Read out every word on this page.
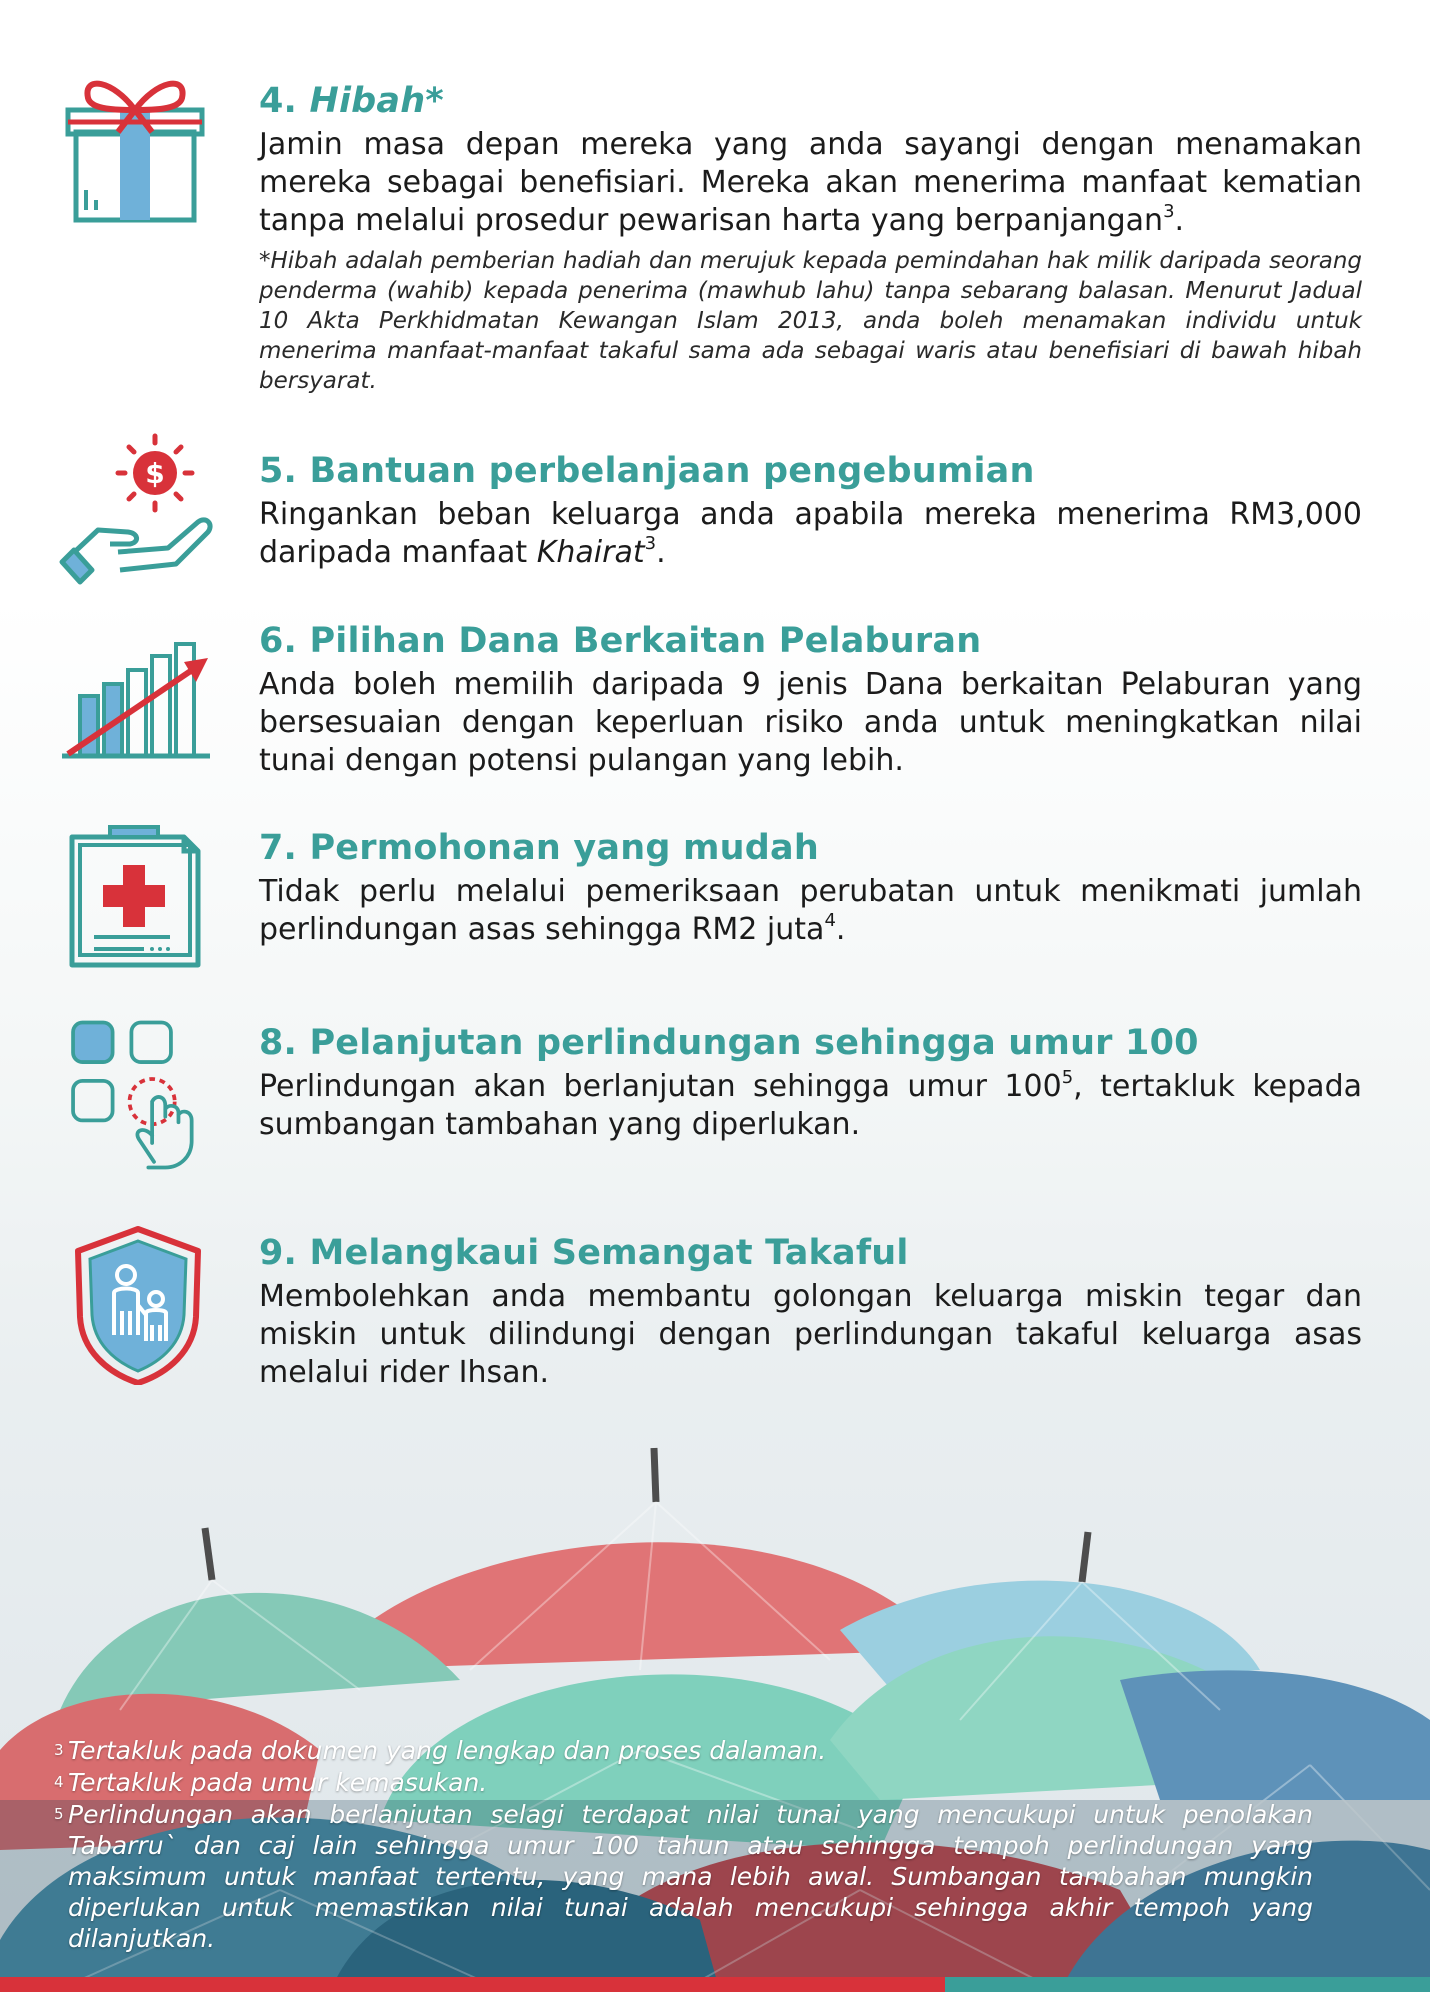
4. Hibah*

Jamin masa depan mereka yang anda sayangi dengan menamakan mereka sebagai benefisiari. Mereka akan menerima manfaat kematian tanpa melalui prosedur pewarisan harta yang berpanjangan$^3$.

*Hibah adalah pemberian hadiah dan merujuk kepada pemindahan hak milik daripada seorang penderma (wahib) kepada penerima (mawhub lahu) tanpa sebarang balasan. Menurut Jadual 10 Akta Perkhidmatan Kewangan Islam 2013, anda boleh menamakan individu untuk menerima manfaat-manfaat takaful sama ada sebagai waris atau benefisiari di bawah hibah bersyarat.

$	5. Bantuan perbelanjaan pengebumian

Ringankan beban keluarga anda apabila mereka menerima RM3,000 daripada manfaat Khairat$^3$.

6. Pilihan Dana Berkaitan Pelaburan

Anda boleh memilih daripada 9 jenis Dana berkaitan Pelaburan yang bersesuaian dengan keperluan risiko anda untuk meningkatkan nilai tunai dengan potensi pulangan yang lebih.

7. Permohonan yang mudah

Tidak perlu melalui pemeriksaan perubatan untuk menikmati jumlah perlindungan asas sehingga RM2 juta$^4$.

8. Pelanjutan perlindungan sehingga umur 100

Perlindungan akan berlanjutan sehingga umur $100^5$, tertakluk kepada sumbangan tambahan yang diperlukan.

9. Melangkaui Semangat Takaful

Membolehkan anda membantu golongan keluarga miskin tegar dan miskin untuk dilindungi dengan perlindungan takaful keluarga asas melalui rider Ihsan.

3 Tertakluk pada dokumen yang lengkap dan proses dalaman.
4 Tertakluk pada umur kemasukan.
5 Perlindungan akan berlanjutan selagi terdapat nilai tunai yang mencukupi untuk penolakan Tabarru` dan caj lain sehingga umur 100 tahun atau sehingga tempoh perlindungan yang maksimum untuk manfaat tertentu, yang mana lebih awal. Sumbangan tambahan mungkin diperlukan untuk memastikan nilai tunai adalah mencukupi sehingga akhir tempoh yang dilanjutkan.
